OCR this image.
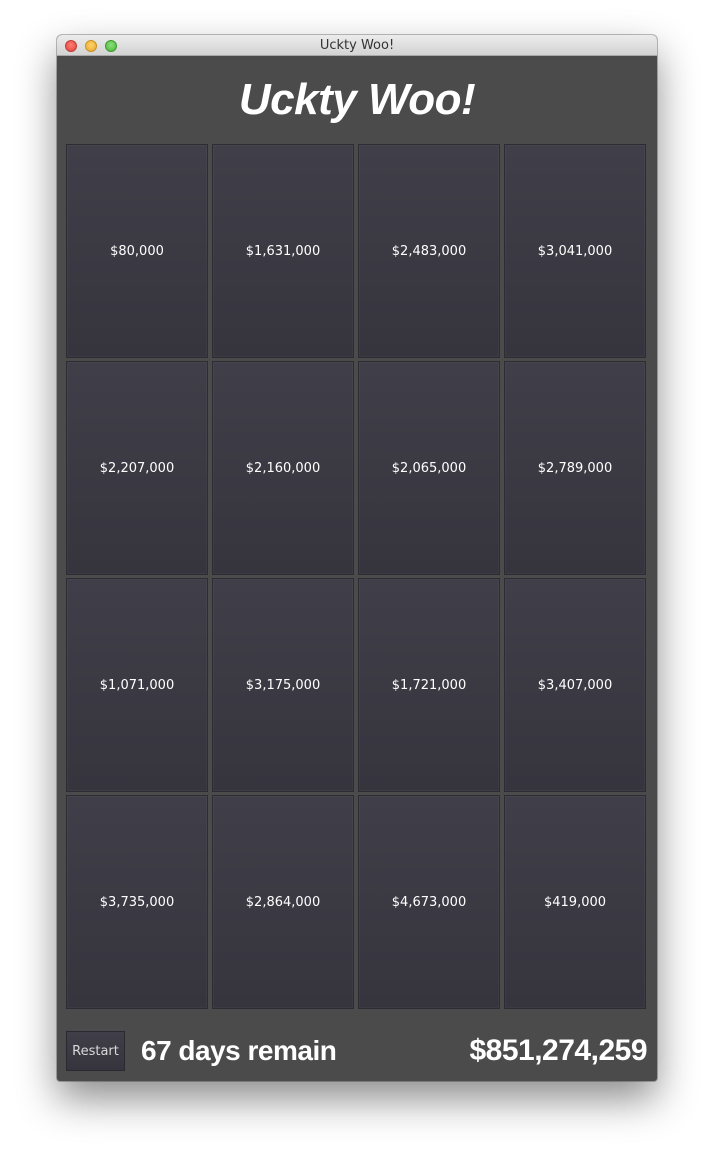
Uckty Woo!
Uckty Woo!
$80,000	$1,631,000	$2,483,000	$3,041,000
$2,207,000	$2,160,000	$2,065,000	$2,789,000
$1,071,000	$3,175,000	$1,721,000	$3,407,000
$3,735,000	$2,864,000	$4,673,000	$419,000
Restart 67 days remain	$851,274,259
